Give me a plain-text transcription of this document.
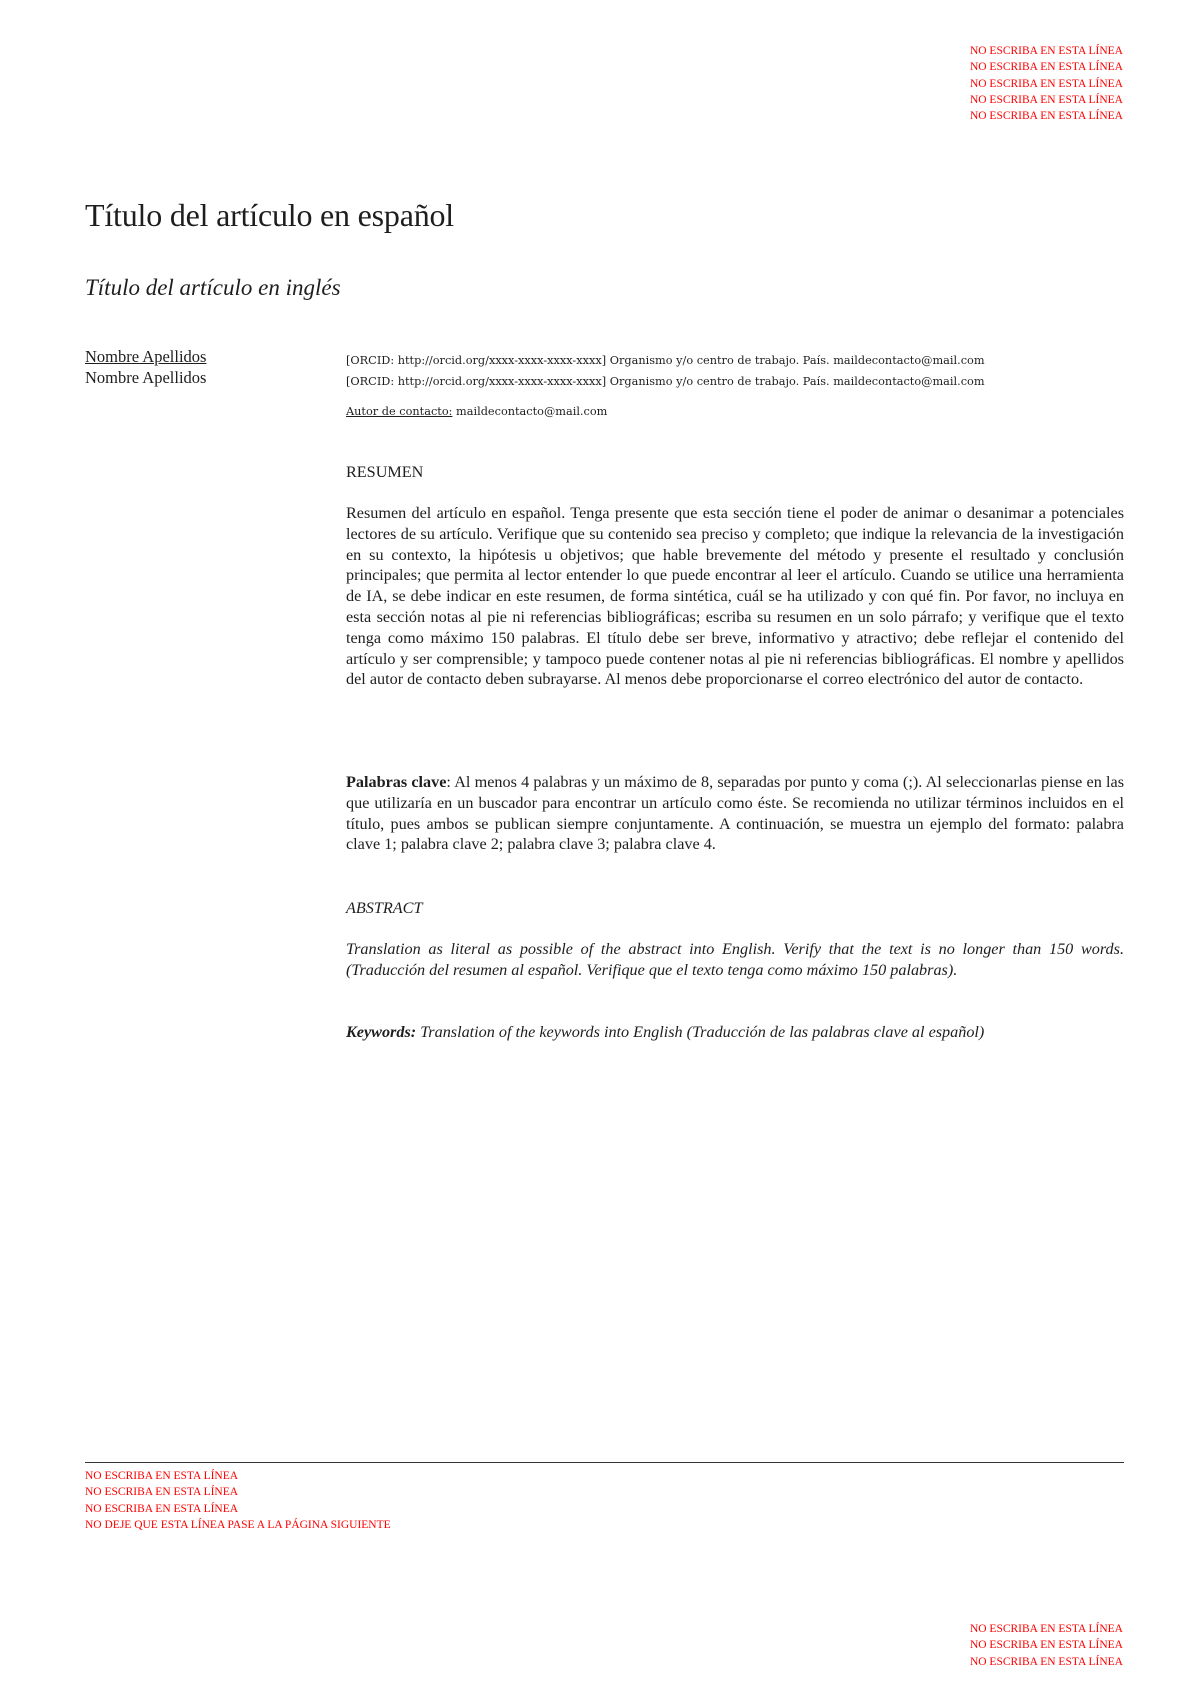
NO ESCRIBA EN ESTA LÍNEA
NO ESCRIBA EN ESTA LÍNEA
NO ESCRIBA EN ESTA LÍNEA
NO ESCRIBA EN ESTA LÍNEA
NO ESCRIBA EN ESTA LÍNEA
Título del artículo en español
Título del artículo en inglés
Nombre Apellidos
Nombre Apellidos
[ORCID: http://orcid.org/xxxx-xxxx-xxxx-xxxx] Organismo y/o centro de trabajo. País. maildecontacto@mail.com
[ORCID: http://orcid.org/xxxx-xxxx-xxxx-xxxx] Organismo y/o centro de trabajo. País. maildecontacto@mail.com
Autor de contacto: maildecontacto@mail.com
RESUMEN
Resumen del artículo en español. Tenga presente que esta sección tiene el poder de animar o desanimar a potenciales lectores de su artículo. Verifique que su contenido sea preciso y completo; que indique la relevancia de la investigación en su contexto, la hipótesis u objetivos; que hable brevemente del método y presente el resultado y conclusión principales; que permita al lector entender lo que puede encontrar al leer el artículo. Cuando se utilice una herramienta de IA, se debe indicar en este resumen, de forma sintética, cuál se ha utilizado y con qué fin. Por favor, no incluya en esta sección notas al pie ni referencias bibliográficas; escriba su resumen en un solo párrafo; y verifique que el texto tenga como máximo 150 palabras. El título debe ser breve, informativo y atractivo; debe reflejar el contenido del artículo y ser comprensible; y tampoco puede contener notas al pie ni referencias bibliográficas. El nombre y apellidos del autor de contacto deben subrayarse. Al menos debe proporcionarse el correo electrónico del autor de contacto.
Palabras clave: Al menos 4 palabras y un máximo de 8, separadas por punto y coma (;). Al seleccionarlas piense en las que utilizaría en un buscador para encontrar un artículo como éste. Se recomienda no utilizar términos incluidos en el título, pues ambos se publican siempre conjuntamente. A continuación, se muestra un ejemplo del formato: palabra clave 1; palabra clave 2; palabra clave 3; palabra clave 4.
ABSTRACT
Translation as literal as possible of the abstract into English. Verify that the text is no longer than 150 words. (Traducción del resumen al español. Verifique que el texto tenga como máximo 150 palabras).
Keywords: Translation of the keywords into English (Traducción de las palabras clave al español)
NO ESCRIBA EN ESTA LÍNEA
NO ESCRIBA EN ESTA LÍNEA
NO ESCRIBA EN ESTA LÍNEA
NO DEJE QUE ESTA LÍNEA PASE A LA PÁGINA SIGUIENTE
NO ESCRIBA EN ESTA LÍNEA
NO ESCRIBA EN ESTA LÍNEA
NO ESCRIBA EN ESTA LÍNEA
